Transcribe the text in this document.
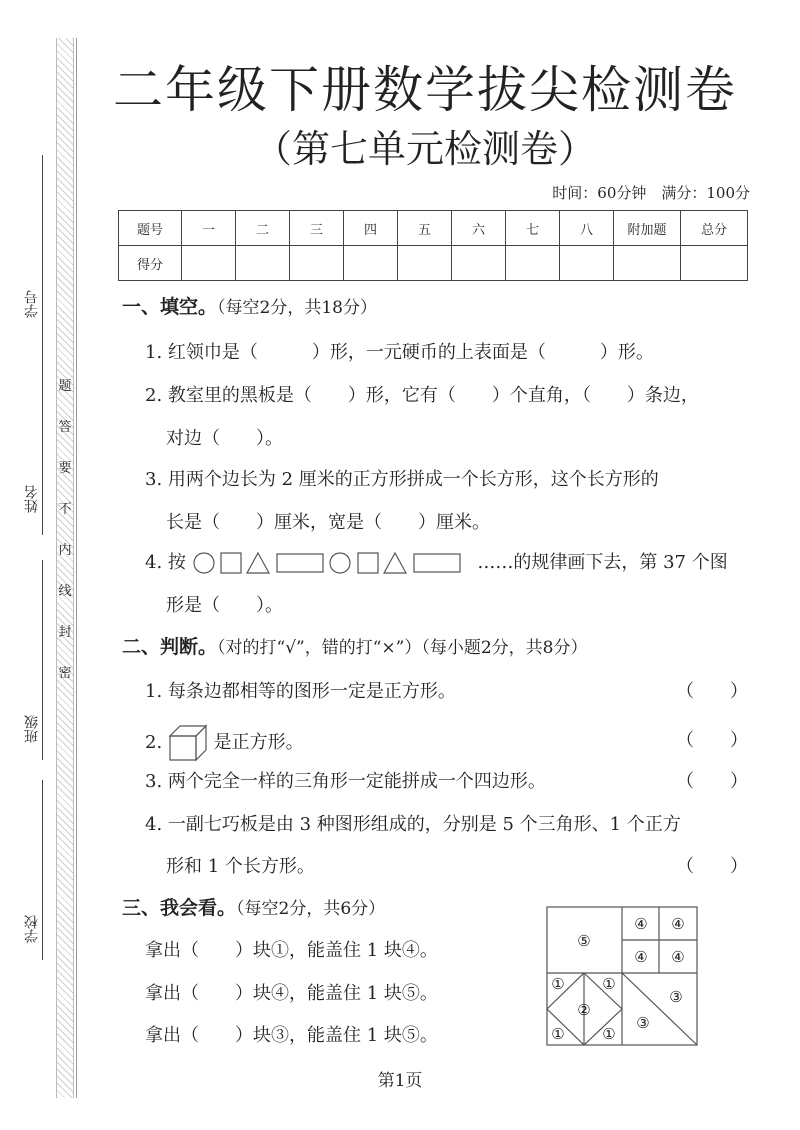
学号
姓名
班级
学校
题
答
要
不
内
线
封
密
二年级下册数学拔尖检测卷
（第七单元检测卷）
时间：60分钟　满分：100分
题号	一	二	三	四	五	六	七	八	附加题	总分
得分										
一、填空。（每空2分，共18分）
1. 红领巾是（　　　）形，一元硬币的上表面是（　　　）形。
2. 教室里的黑板是（　　）形，它有（　　）个直角，（　　）条边，
对边（　　）。
3. 用两个边长为 2 厘米的正方形拼成一个长方形，这个长方形的
长是（　　）厘米，宽是（　　）厘米。
4. 按	……的规律画下去，第 37 个图
形是（　　）。
二、判断。（对的打“√”，错的打“×”）（每小题2分，共8分）
1. 每条边都相等的图形一定是正方形。	（　　）
2.	是正方形。	（　　）
3. 两个完全一样的三角形一定能拼成一个四边形。	（　　）
4. 一副七巧板是由 3 种图形组成的，分别是 5 个三角形、1 个正方
形和 1 个长方形。	（　　）
三、我会看。（每空2分，共6分）
拿出（　　）块①，能盖住 1 块④。
拿出（　　）块④，能盖住 1 块⑤。
拿出（　　）块③，能盖住 1 块⑤。
⑤
④ ④
④ ④
②
①	①
①	①
③
③
第1页
